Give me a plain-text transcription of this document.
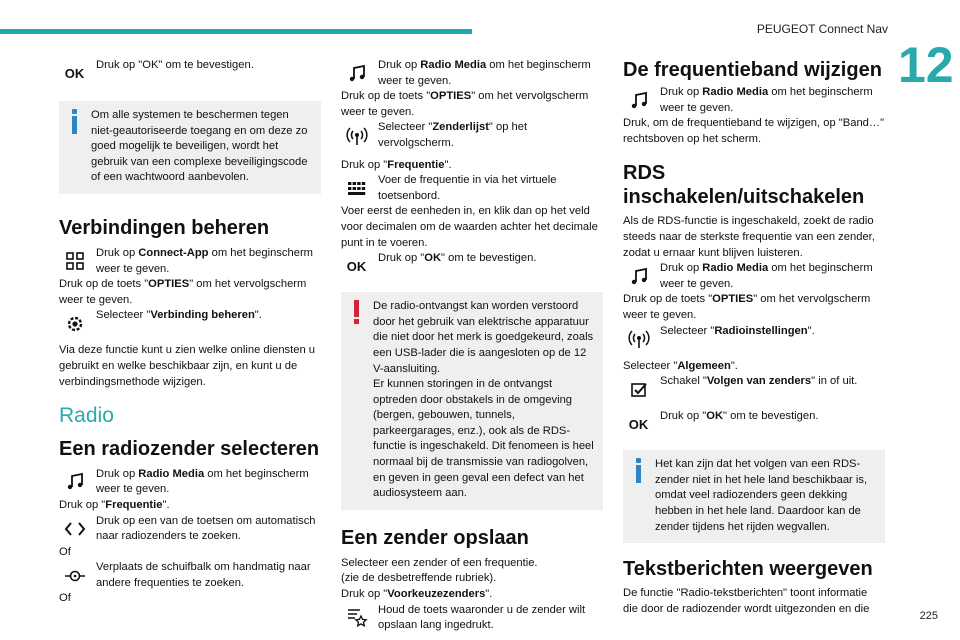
PEUGEOT Connect Nav
12
OK

Druk op "OK" om te bevestigen.

Om alle systemen te beschermen tegen niet-geautoriseerde toegang en om deze zo goed mogelijk te beveiligen, wordt het gebruik van een complexe beveiligingscode of een wachtwoord aanbevolen.

Verbindingen beheren

Druk op Connect-App om het beginscherm weer te geven.

Druk op de toets "OPTIES" om het vervolgscherm weer te geven.

Selecteer "Verbinding beheren".

Via deze functie kunt u zien welke online diensten u gebruikt en welke beschikbaar zijn, en kunt u de verbindingsmethode wijzigen.

Radio

Een radiozender selecteren

Druk op Radio Media om het beginscherm weer te geven.

Druk op "Frequentie".

Druk op een van de toetsen om automatisch naar radiozenders te zoeken.

Of

Verplaats de schuifbalk om handmatig naar andere frequenties te zoeken.

Of

Druk op Radio Media om het beginscherm weer te geven.

Druk op de toets "OPTIES" om het vervolgscherm weer te geven.

Selecteer "Zenderlijst" op het vervolgscherm.

Druk op "Frequentie".

Voer de frequentie in via het virtuele toetsenbord.

Voer eerst de eenheden in, en klik dan op het veld voor decimalen om de waarden achter het decimale punt in te voeren.

OK

Druk op "OK" om te bevestigen.

De radio-ontvangst kan worden verstoord door het gebruik van elektrische apparatuur die niet door het merk is goedgekeurd, zoals een USB-lader die is aangesloten op de 12 V-aansluiting.
Er kunnen storingen in de ontvangst optreden door obstakels in de omgeving (bergen, gebouwen, tunnels, parkeergarages, enz.), ook als de RDS-functie is ingeschakeld. Dit fenomeen is heel normaal bij de transmissie van radiogolven, en geven in geen geval een defect van het audiosysteem aan.

Een zender opslaan

Selecteer een zender of een frequentie.
(zie de desbetreffende rubriek).

Druk op "Voorkeuzezenders".

Houd de toets waaronder u de zender wilt opslaan lang ingedrukt.

De frequentieband wijzigen

Druk op Radio Media om het beginscherm weer te geven.

Druk, om de frequentieband te wijzigen, op "Band…" rechtsboven op het scherm.

RDS inschakelen/uitschakelen

Als de RDS-functie is ingeschakeld, zoekt de radio steeds naar de sterkste frequentie van een zender, zodat u ernaar kunt blijven luisteren.

Druk op Radio Media om het beginscherm weer te geven.

Druk op de toets "OPTIES" om het vervolgscherm weer te geven.

Selecteer "Radioinstellingen".

Selecteer "Algemeen".

Schakel "Volgen van zenders" in of uit.

OK

Druk op "OK" om te bevestigen.

Het kan zijn dat het volgen van een RDS-zender niet in het hele land beschikbaar is, omdat veel radiozenders geen dekking hebben in het hele land. Daardoor kan de zender tijdens het rijden wegvallen.

Tekstberichten weergeven

De functie "Radio-tekstberichten" toont informatie die door de radiozender wordt uitgezonden en die

225
